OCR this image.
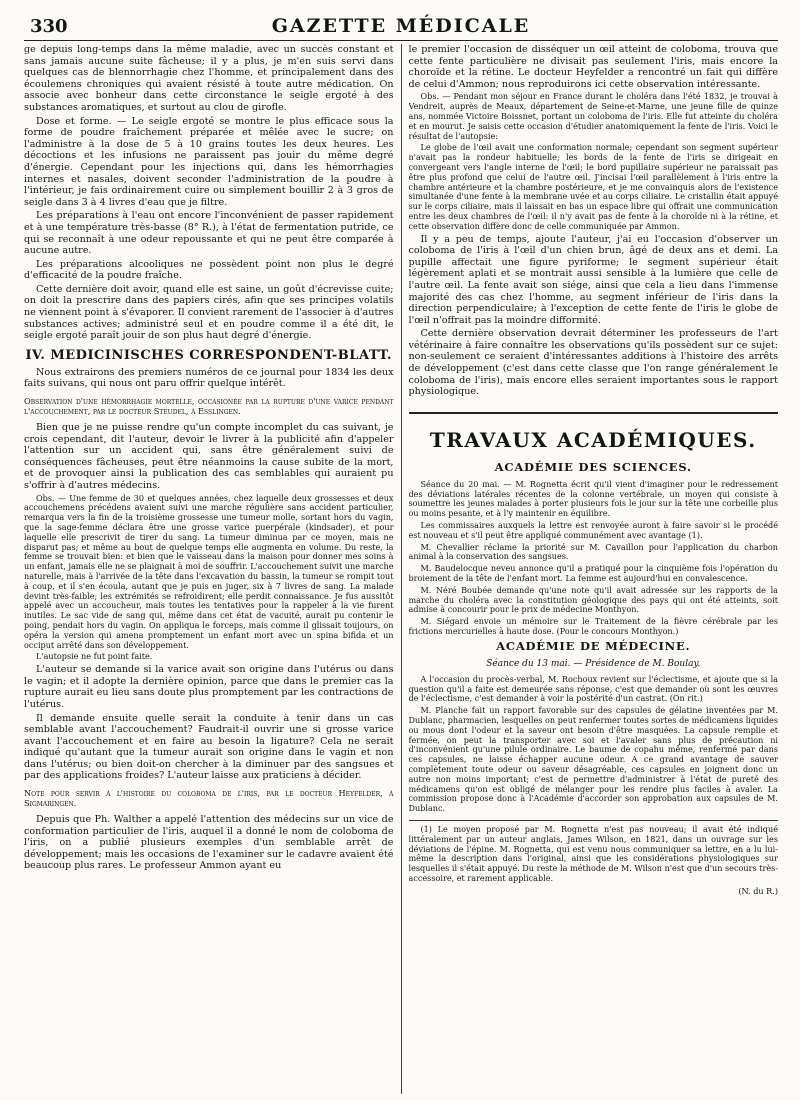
330	GAZETTE MÉDICALE

ge depuis long-temps dans la même maladie, avec un succès constant et sans jamais aucune suite fâcheuse; il y a plus, je m'en suis servi dans quelques cas de blennorrhagie chez l'homme, et principalement dans des écoulemens chroniques qui avaient résisté à toute autre médication. On associe avec bonheur dans cette circonstance le seigle ergoté à des substances aromatiques, et surtout au clou de girofle.

Dose et forme. — Le seigle ergoté se montre le plus efficace sous la forme de poudre fraîchement préparée et mêlée avec le sucre; on l'administre à la dose de 5 à 10 grains toutes les deux heures. Les décoctions et les infusions ne paraissent pas jouir du même degré d'énergie. Cependant pour les injections qui, dans les hémorrhagies internes et nasales, doivent seconder l'administration de la poudre à l'intérieur, je fais ordinairement cuire ou simplement bouillir 2 à 3 gros de seigle dans 3 à 4 livres d'eau que je filtre.

Les préparations à l'eau ont encore l'inconvénient de passer rapidement et à une température très-basse (8° R.), à l'état de fermentation putride, ce qui se reconnaît à une odeur repoussante et qui ne peut être comparée à aucune autre.

Les préparations alcooliques ne possèdent point non plus le degré d'efficacité de la poudre fraîche.

Cette dernière doit avoir, quand elle est saine, un goût d'écrevisse cuite; on doit la prescrire dans des papiers cirés, afin que ses principes volatils ne viennent point à s'évaporer. Il convient rarement de l'associer à d'autres substances actives; administré seul et en poudre comme il a été dit, le seigle ergoté paraît jouir de son plus haut degré d'énergie.

IV. MEDICINISCHES CORRESPONDENT-BLATT.

Nous extrairons des premiers numéros de ce journal pour 1834 les deux faits suivans, qui nous ont paru offrir quelque intérêt.

Observation d'une hémorrhagie mortelle, occasionée par la rupture d'une varice pendant l'accouchement, par le docteur Steudel, à Esslingen.

Bien que je ne puisse rendre qu'un compte incomplet du cas suivant, je crois cependant, dit l'auteur, devoir le livrer à la publicité afin d'appeler l'attention sur un accident qui, sans être généralement suivi de conséquences fâcheuses, peut être néanmoins la cause subite de la mort, et de provoquer ainsi la publication des cas semblables qui auraient pu s'offrir à d'autres médecins.

Obs. — Une femme de 30 et quelques années, chez laquelle deux grossesses et deux accouchemens précédens avaient suivi une marche régulière sans accident particulier, remarqua vers la fin de la troisième grossesse une tumeur molle, sortant hors du vagin, que la sage-femme déclara être une grosse varice puerpérale (kindsader), et pour laquelle elle prescrivit de tirer du sang. La tumeur diminua par ce moyen, mais ne disparut pas; et même au bout de quelque temps elle augmenta en volume. Du reste, la femme se trouvait bien: et bien que le vaisseau dans la maison pour donner mes soins à un enfant, jamais elle ne se plaignait à moi de souffrir. L'accouchement suivit une marche naturelle, mais à l'arrivée de la tête dans l'excavation du bassin, la tumeur se rompit tout à coup, et il s'en écoula, autant que je puis en juger, six à 7 livres de sang. La malade devint très-faible; les extrémités se refroidirent; elle perdit connaissance. Je fus aussitôt appelé avec un accoucheur, mais toutes les tentatives pour la rappeler à la vie furent inutiles. Le sac vide de sang qui, même dans cet état de vacuité, aurait pu contenir le poing, pendait hors du vagin. On appliqua le forceps, mais comme il glissait toujours, on opéra la version qui amena promptement un enfant mort avec un spina bifida et un occiput arrêté dans son développement.

L'autopsie ne fut point faite.

L'auteur se demande si la varice avait son origine dans l'utérus ou dans le vagin; et il adopte la dernière opinion, parce que dans le premier cas la rupture aurait eu lieu sans doute plus promptement par les contractions de l'utérus.

Il demande ensuite quelle serait la conduite à tenir dans un cas semblable avant l'accouchement? Faudrait-il ouvrir une si grosse varice avant l'accouchement et en faire au besoin la ligature? Cela ne serait indiqué qu'autant que la tumeur aurait son origine dans le vagin et non dans l'utérus; ou bien doit-on chercher à la diminuer par des sangsues et par des applications froides? L'auteur laisse aux praticiens à décider.

Note pour servir à l'histoire du coloboma de l'iris, par le docteur Heyfelder, à Sigmaringen.

Depuis que Ph. Walther a appelé l'attention des médecins sur un vice de conformation particulier de l'iris, auquel il a donné le nom de coloboma de l'iris, on a publié plusieurs exemples d'un semblable arrêt de développement; mais les occasions de l'examiner sur le cadavre avaient été beaucoup plus rares. Le professeur Ammon ayant eu

le premier l'occasion de disséquer un œil atteint de coloboma, trouva que cette fente particulière ne divisait pas seulement l'iris, mais encore la choroïde et la rétine. Le docteur Heyfelder a rencontré un fait qui diffère de celui d'Ammon; nous reproduirons ici cette observation intéressante.

Obs. — Pendant mon séjour en France durant le choléra dans l'été 1832, je trouvai à Vendreit, auprès de Meaux, département de Seine-et-Marne, une jeune fille de quinze ans, nommée Victoire Boissnet, portant un coloboma de l'iris. Elle fut atteinte du choléra et en mourut. Je saisis cette occasion d'étudier anatomiquement la fente de l'iris. Voici le résultat de l'autopsie:

Le globe de l'œil avait une conformation normale; cependant son segment supérieur n'avait pas la rondeur habituelle; les bords de la fente de l'iris se dirigeait en convergeant vers l'angle interne de l'œil; le bord pupillaire supérieur ne paraissait pas être plus profond que celui de l'autre œil. J'incisai l'œil parallèlement à l'iris entre la chambre antérieure et la chambre postérieure, et je me convainquis alors de l'existence simultanée d'une fente à la membrane uvée et au corps ciliaire. Le cristallin était appuyé sur le corps ciliaire, mais il laissait en bas un espace libre qui offrait une communication entre les deux chambres de l'œil: il n'y avait pas de fente à la choroïde ni à la rétine, et cette observation diffère donc de celle communiquée par Ammon.

Il y a peu de temps, ajoute l'auteur, j'ai eu l'occasion d'observer un coloboma de l'iris à l'œil d'un chien brun, âgé de deux ans et demi. La pupille affectait une figure pyriforme; le segment supérieur était légèrement aplati et se montrait aussi sensible à la lumière que celle de l'autre œil. La fente avait son siége, ainsi que cela a lieu dans l'immense majorité des cas chez l'homme, au segment inférieur de l'iris dans la direction perpendiculaire; à l'exception de cette fente de l'iris le globe de l'œil n'offrait pas la moindre difformité.

Cette dernière observation devrait déterminer les professeurs de l'art vétérinaire à faire connaître les observations qu'ils possèdent sur ce sujet: non-seulement ce seraient d'intéressantes additions à l'histoire des arrêts de développement (c'est dans cette classe que l'on range généralement le coloboma de l'iris), mais encore elles seraient importantes sous le rapport physiologique.

TRAVAUX ACADÉMIQUES.
ACADÉMIE DES SCIENCES.

Séance du 20 mai. — M. Rognetta écrit qu'il vient d'imaginer pour le redressement des déviations latérales récentes de la colonne vertébrale, un moyen qui consiste à soumettre les jeunes malades à porter plusieurs fois le jour sur la tête une corbeille plus ou moins pesante, et à l'y maintenir en équilibre.

Les commissaires auxquels la lettre est renvoyée auront à faire savoir si le procédé est nouveau et s'il peut être appliqué communément avec avantage (1).

M. Chevallier réclame la priorité sur M. Cavaillon pour l'application du charbon animal à la conservation des sangsues.

M. Baudelocque neveu annonce qu'il a pratiqué pour la cinquième fois l'opération du broiement de la tête de l'enfant mort. La femme est aujourd'hui en convalescence.

M. Néré Boubée demande qu'une note qu'il avait adressée sur les rapports de la marche du choléra avec la constitution géologique des pays qui ont été atteints, soit admise à concourir pour le prix de médecine Monthyon.

M. Siégard envoie un mémoire sur le Traitement de la fièvre cérébrale par les frictions mercurielles à haute dose. (Pour le concours Monthyon.)

ACADÉMIE DE MÉDECINE.
Séance du 13 mai. — Présidence de M. Boulay.

A l'occasion du procès-verbal, M. Rochoux revient sur l'éclectisme, et ajoute que si la question qu'il a faite est demeurée sans réponse, c'est que demander où sont les œuvres de l'éclectisme, c'est demander à voir la postérité d'un castrat. (On rit.)

M. Planche fait un rapport favorable sur des capsules de gélatine inventées par M. Dublanc, pharmacien, lesquelles on peut renfermer toutes sortes de médicamens liquides ou mous dont l'odeur et la saveur ont besoin d'être masquées. La capsule remplie et fermée, on peut la transporter avec soi et l'avaler sans plus de précaution ni d'inconvénient qu'une pilule ordinaire. Le baume de copahu même, renfermé par dans ces capsules, ne laisse échapper aucune odeur. A ce grand avantage de sauver complètement toute odeur ou saveur désagréable, ces capsules en joignent donc un autre non moins important; c'est de permettre d'administrer à l'état de pureté des médicamens qu'on est obligé de mélanger pour les rendre plus faciles à avaler. La commission propose donc à l'Académie d'accorder son approbation aux capsules de M. Dublanc.

(1) Le moyen proposé par M. Rognetta n'est pas nouveau; il avait été indiqué littéralement par un auteur anglais, James Wilson, en 1821, dans un ouvrage sur les déviations de l'épine. M. Rognetta, qui est venu nous communiquer sa lettre, en a lu lui-même la description dans l'original, ainsi que les considérations physiologiques sur lesquelles il s'était appuyé. Du reste la méthode de M. Wilson n'est que d'un secours très-accessoire, et rarement applicable.

(N. du R.)
